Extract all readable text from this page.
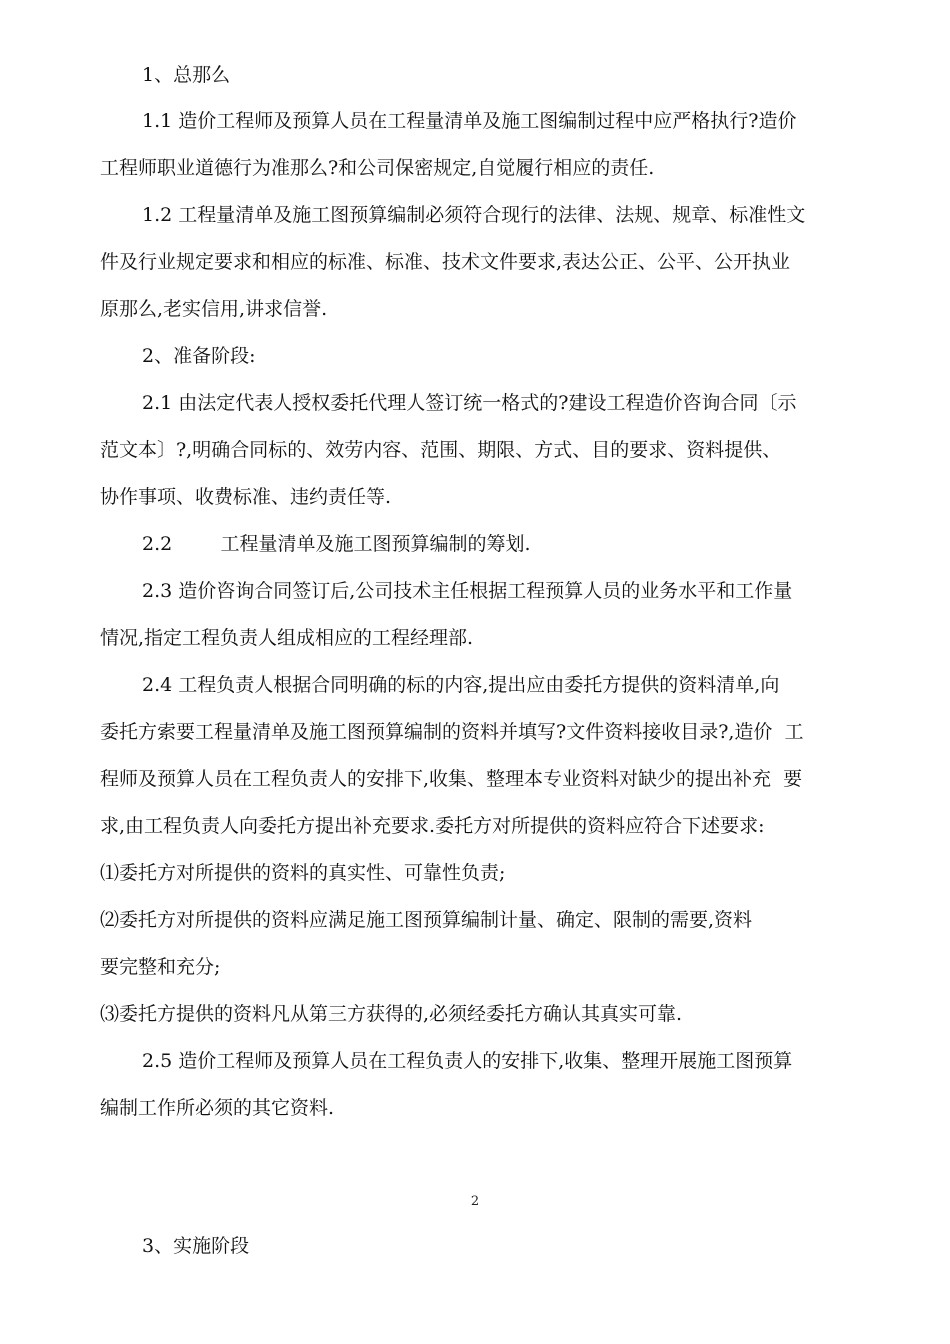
1、总那么

1.1 造价工程师及预算人员在工程量清单及施工图编制过程中应严格执行?造价
工程师职业道德行为准那么?和公司保密规定,自觉履行相应的责任.

1.2 工程量清单及施工图预算编制必须符合现行的法律、法规、规章、标准性文
件及行业规定要求和相应的标准、标准、技术文件要求,表达公正、公平、公开执业
原那么,老实信用,讲求信誉.

2、准备阶段:

2.1 由法定代表人授权委托代理人签订统一格式的?建设工程造价咨询合同〔示
范文本〕?,明确合同标的、效劳内容、范围、期限、方式、目的要求、资料提供、
协作事项、收费标准、违约责任等.

2.2        工程量清单及施工图预算编制的筹划.

2.3 造价咨询合同签订后,公司技术主任根据工程预算人员的业务水平和工作量
情况,指定工程负责人组成相应的工程经理部.

2.4 工程负责人根据合同明确的标的内容,提出应由委托方提供的资料清单,向
委托方索要工程量清单及施工图预算编制的资料并填写?文件资料接收目录?,造价  工
程师及预算人员在工程负责人的安排下,收集、整理本专业资料对缺少的提出补充  要
求,由工程负责人向委托方提出补充要求.委托方对所提供的资料应符合下述要求:

⑴委托方对所提供的资料的真实性、可靠性负责;

⑵委托方对所提供的资料应满足施工图预算编制计量、确定、限制的需要,资料
要完整和充分;

⑶委托方提供的资料凡从第三方获得的,必须经委托方确认其真实可靠.

2.5 造价工程师及预算人员在工程负责人的安排下,收集、整理开展施工图预算
编制工作所必须的其它资料.

2

3、实施阶段
